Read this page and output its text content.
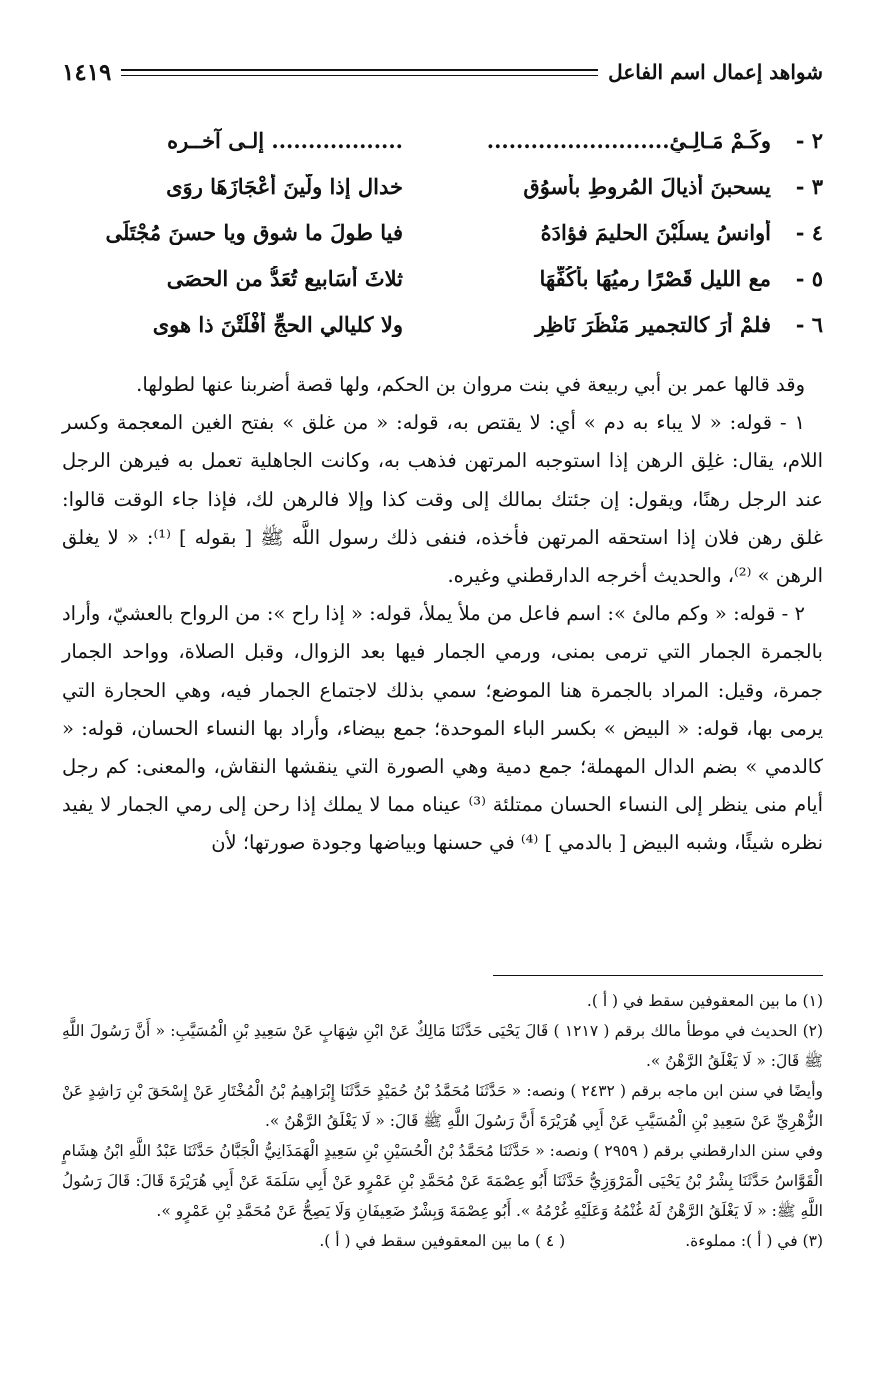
شواهد إعمال اسم الفاعل
١٤١٩
٢ -
وكَـمْ مَـالِـئٍ.........................
.................. إلـى آخــره
٣ -
يسحبنَ أذيالَ المُروطِ بأسوُقٍ
خدال إذا ولّينَ أَعْجَازَهَا رِوَى
٤ -
أوانسُ يسلُبْنَ الحليمَ فؤادَهُ
فيا طولَ ما شوقٍ ويا حسنَ مُجْتَلَى
٥ -
مع الليلِ قَصْرًا رميُهَا بأكُفِّهَا
ثلاثَ أَسَابيعٍ تُعَدُّ من الحصَى
٦ -
فلمْ أَرَ كالتجميرِ مَنْظَرَ نَاظِرٍ
ولا كليالي الحجِّ أَفْلَتْنَ ذا هوى

وقد قالها عمر بن أبي ربيعة في بنت مروان بن الحكم، ولها قصة أضربنا عنها لطولها.

١ - قوله: « لا يباء به دم » أي: لا يقتص به، قوله: « من غلق » بفتح الغين المعجمة وكسر اللام، يقال: غلِق الرهن إذا استوجبه المرتهن فذهب به، وكانت الجاهلية تعمل به فيرهن الرجل عند الرجل رهنًا، ويقول: إن جئتك بمالك إلى وقت كذا وإلا فالرهن لك، فإذا جاء الوقت قالوا: غلق رهن فلان إذا استحقه المرتهن فأخذه، فنفى ذلك رسول اللَّه ﷺ [ بقوله ] ⁽¹⁾: « لا يغلق الرهن » ⁽²⁾، والحديث أخرجه الدارقطني وغيره.

٢ - قوله: « وكم مالئ »: اسم فاعل من ملأ يملأ، قوله: « إذا راح »: من الرواح بالعشيّ، وأراد بالجمرة الجمار التي ترمى بمنى، ورمي الجمار فيها بعد الزوال، وقبل الصلاة، وواحد الجمار جمرة، وقيل: المراد بالجمرة هنا الموضع؛ سمي بذلك لاجتماع الجمار فيه، وهي الحجارة التي يرمى بها، قوله: « البيض » بكسر الباء الموحدة؛ جمع بيضاء، وأراد بها النساء الحسان، قوله: « كالدمي » بضم الدال المهملة؛ جمع دمية وهي الصورة التي ينقشها النقاش، والمعنى: كم رجل أيام منى ينظر إلى النساء الحسان ممتلئة ⁽³⁾ عيناه مما لا يملك إذا رحن إلى رمي الجمار لا يفيد نظره شيئًا، وشبه البيض [ بالدمي ] ⁽⁴⁾ في حسنها وبياضها وجودة صورتها؛ لأن

(١) ما بين المعقوفين سقط في ( أ ).

(٢) الحديث في موطأ مالك برقم ( ١٢١٧ ) قَالَ يَحْيَى حَدَّثَنَا مَالِكٌ عَنْ ابْنِ شِهَابٍ عَنْ سَعِيدِ بْنِ الْمُسَيَّبِ: « أَنَّ رَسُولَ اللَّهِ ﷺ قَالَ: « لَا يَغْلَقُ الرَّهْنُ ».

وأيضًا في سنن ابن ماجه برقم ( ٢٤٣٢ ) ونصه: « حَدَّثَنَا مُحَمَّدُ بْنُ حُمَيْدٍ حَدَّثَنَا إِبْرَاهِيمُ بْنُ الْمُخْتَارِ عَنْ إِسْحَقَ بْنِ رَاشِدٍ عَنْ الزُّهْرِيِّ عَنْ سَعِيدِ بْنِ الْمُسَيَّبِ عَنْ أَبِي هُرَيْرَةَ أَنَّ رَسُولَ اللَّهِ ﷺ قَالَ: « لَا يَغْلَقُ الرَّهْنُ ».

وفي سنن الدارقطني برقم ( ٢٩٥٩ ) ونصه: « حَدَّثَنَا مُحَمَّدُ بْنُ الْحُسَيْنِ بْنِ سَعِيدٍ الْهَمَذَانِيُّ الْجَبَّانُ حَدَّثَنَا عَبْدُ اللَّهِ ابْنُ هِشَامٍ الْقَوَّاسُ حَدَّثَنَا بِشْرُ بْنُ يَحْيَى الْمَرْوَزِيُّ حَدَّثَنَا أَبُو عِصْمَةَ عَنْ مُحَمَّدِ بْنِ عَمْرٍو عَنْ أَبِي سَلَمَةَ عَنْ أَبِي هُرَيْرَةَ قَالَ: قَالَ رَسُولُ اللَّهِ ﷺ: « لَا يَغْلَقُ الرَّهْنُ لَهُ غُنْمُهُ وَعَلَيْهِ غُرْمُهُ ». أَبُو عِصْمَةَ وَبِشْرٌ ضَعِيفَانِ وَلَا يَصِحُّ عَنْ مُحَمَّدِ بْنِ عَمْرٍو ».

(٣) في ( أ ): مملوءة.
( ٤ ) ما بين المعقوفين سقط في ( أ ).
